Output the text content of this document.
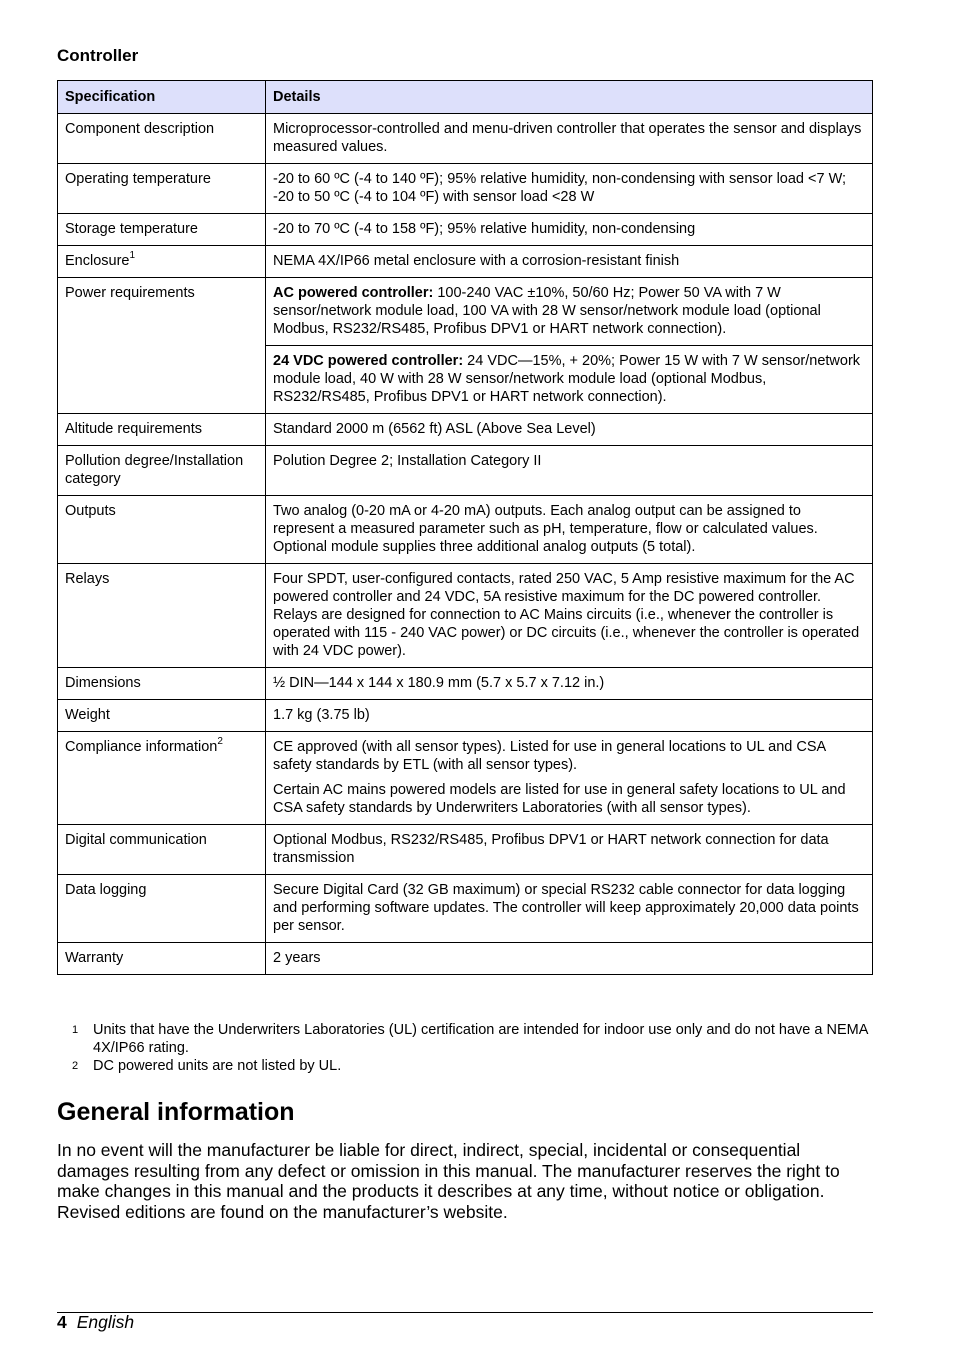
Controller
Specification	Details
Component description	Microprocessor-controlled and menu-driven controller that operates the sensor and displays measured values.
Operating temperature	-20 to 60 ºC (-4 to 140 ºF); 95% relative humidity, non-condensing with sensor load <7 W; -20 to 50 ºC (-4 to 104 ºF) with sensor load <28 W
Storage temperature	-20 to 70 ºC (-4 to 158 ºF); 95% relative humidity, non-condensing
Enclosure$^1$	NEMA 4X/IP66 metal enclosure with a corrosion-resistant finish
Power requirements	AC powered controller: 100-240 VAC ±10%, 50/60 Hz; Power 50 VA with 7 W sensor/network module load, 100 VA with 28 W sensor/network module load (optional Modbus, RS232/RS485, Profibus DPV1 or HART network connection).
24 VDC powered controller: 24 VDC—15%, + 20%; Power 15 W with 7 W sensor/network module load, 40 W with 28 W sensor/network module load (optional Modbus, RS232/RS485, Profibus DPV1 or HART network connection).

Altitude requirements	Standard 2000 m (6562 ft) ASL (Above Sea Level)
Pollution degree/Installation category	Polution Degree 2; Installation Category II
Outputs	Two analog (0-20 mA or 4-20 mA) outputs. Each analog output can be assigned to represent a measured parameter such as pH, temperature, flow or calculated values. Optional module supplies three additional analog outputs (5 total).
Relays	Four SPDT, user-configured contacts, rated 250 VAC, 5 Amp resistive maximum for the AC powered controller and 24 VDC, 5A resistive maximum for the DC powered controller. Relays are designed for connection to AC Mains circuits (i.e., whenever the controller is operated with 115 - 240 VAC power) or DC circuits (i.e., whenever the controller is operated with 24 VDC power).
Dimensions	½ DIN—144 x 144 x 180.9 mm (5.7 x 5.7 x 7.12 in.)
Weight	1.7 kg (3.75 lb)
Compliance information$^2$	CE approved (with all sensor types). Listed for use in general locations to UL and CSA safety standards by ETL (with all sensor types).
Certain AC mains powered models are listed for use in general safety locations to UL and CSA safety standards by Underwriters Laboratories (with all sensor types).

Digital communication	Optional Modbus, RS232/RS485, Profibus DPV1 or HART network connection for data transmission
Data logging	Secure Digital Card (32 GB maximum) or special RS232 cable connector for data logging and performing software updates. The controller will keep approximately 20,000 data points per sensor.
Warranty	2 years
1	Units that have the Underwriters Laboratories (UL) certification are intended for indoor use only and do not have a NEMA 4X/IP66 rating.
2	DC powered units are not listed by UL.
General information

In no event will the manufacturer be liable for direct, indirect, special, incidental or consequential damages resulting from any defect or omission in this manual. The manufacturer reserves the right to make changes in this manual and the products it describes at any time, without notice or obligation. Revised editions are found on the manufacturer’s website.

4 English
